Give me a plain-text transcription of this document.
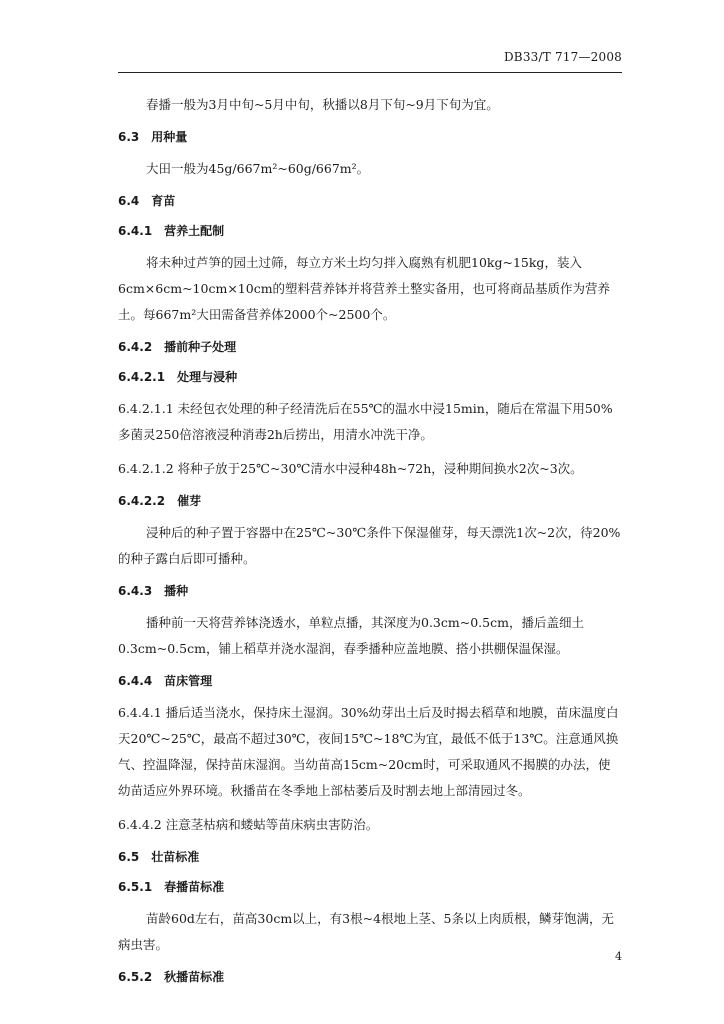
DB33/T 717—2008
春播一般为3月中旬~5月中旬，秋播以8月下旬~9月下旬为宜。
6.3　用种量
大田一般为45g/667m²~60g/667m²。
6.4　育苗
6.4.1　营养土配制
将未种过芦笋的园土过筛，每立方米土均匀拌入腐熟有机肥10kg~15kg，装入6cm×6cm~10cm×10cm的塑料营养钵并将营养土整实备用，也可将商品基质作为营养土。每667m²大田需备营养体2000个~2500个。
6.4.2　播前种子处理
6.4.2.1　处理与浸种
6.4.2.1.1 未经包衣处理的种子经清洗后在55℃的温水中浸15min，随后在常温下用50%多菌灵250倍溶液浸种消毒2h后捞出，用清水冲洗干净。
6.4.2.1.2 将种子放于25℃~30℃清水中浸种48h~72h，浸种期间换水2次~3次。
6.4.2.2　催芽
浸种后的种子置于容器中在25℃~30℃条件下保湿催芽，每天漂洗1次~2次，待20%的种子露白后即可播种。
6.4.3　播种
播种前一天将营养钵浇透水，单粒点播，其深度为0.3cm~0.5cm，播后盖细土0.3cm~0.5cm，铺上稻草并浇水湿润，春季播种应盖地膜、搭小拱棚保温保湿。
6.4.4　苗床管理
6.4.4.1 播后适当浇水，保持床土湿润。30%幼芽出土后及时揭去稻草和地膜，苗床温度白天20℃~25℃，最高不超过30℃，夜间15℃~18℃为宜，最低不低于13℃。注意通风换气、控温降湿，保持苗床湿润。当幼苗高15cm~20cm时，可采取通风不揭膜的办法，使幼苗适应外界环境。秋播苗在冬季地上部枯萎后及时割去地上部清园过冬。
6.4.4.2 注意茎枯病和蝼蛄等苗床病虫害防治。
6.5　壮苗标准
6.5.1　春播苗标准
苗龄60d左右，苗高30cm以上，有3根~4根地上茎、5条以上肉质根，鳞芽饱满，无病虫害。
6.5.2　秋播苗标准
4
